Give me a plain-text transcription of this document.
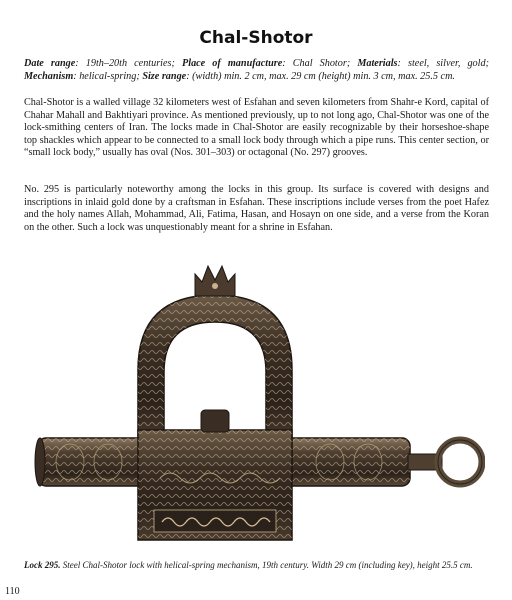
Chal-Shotor
Date range: 19th–20th centuries; Place of manufacture: Chal Shotor; Materials: steel, silver, gold; Mechanism: helical-spring; Size range: (width) min. 2 cm, max. 29 cm (height) min. 3 cm, max. 25.5 cm.
Chal-Shotor is a walled village 32 kilometers west of Esfahan and seven kilometers from Shahr-e Kord, capital of Chahar Mahall and Bakhtiyari province. As mentioned previously, up to not long ago, Chal-Shotor was one of the lock-smithing centers of Iran. The locks made in Chal-Shotor are easily recognizable by their horseshoe-shape top shackles which appear to be connected to a small lock body through which a pipe runs. This center section, or “small lock body,” usually has oval (Nos. 301–303) or octagonal (No. 297) grooves.
No. 295 is particularly noteworthy among the locks in this group. Its surface is covered with designs and inscriptions in inlaid gold done by a craftsman in Esfahan. These inscriptions include verses from the poet Hafez and the holy names Allah, Mohammad, Ali, Fatima, Hasan, and Hosayn on one side, and a verse from the Koran on the other. Such a lock was unquestionably meant for a shrine in Esfahan.
Lock 295. Steel Chal-Shotor lock with helical-spring mechanism, 19th century. Width 29 cm (including key), height 25.5 cm.
110
